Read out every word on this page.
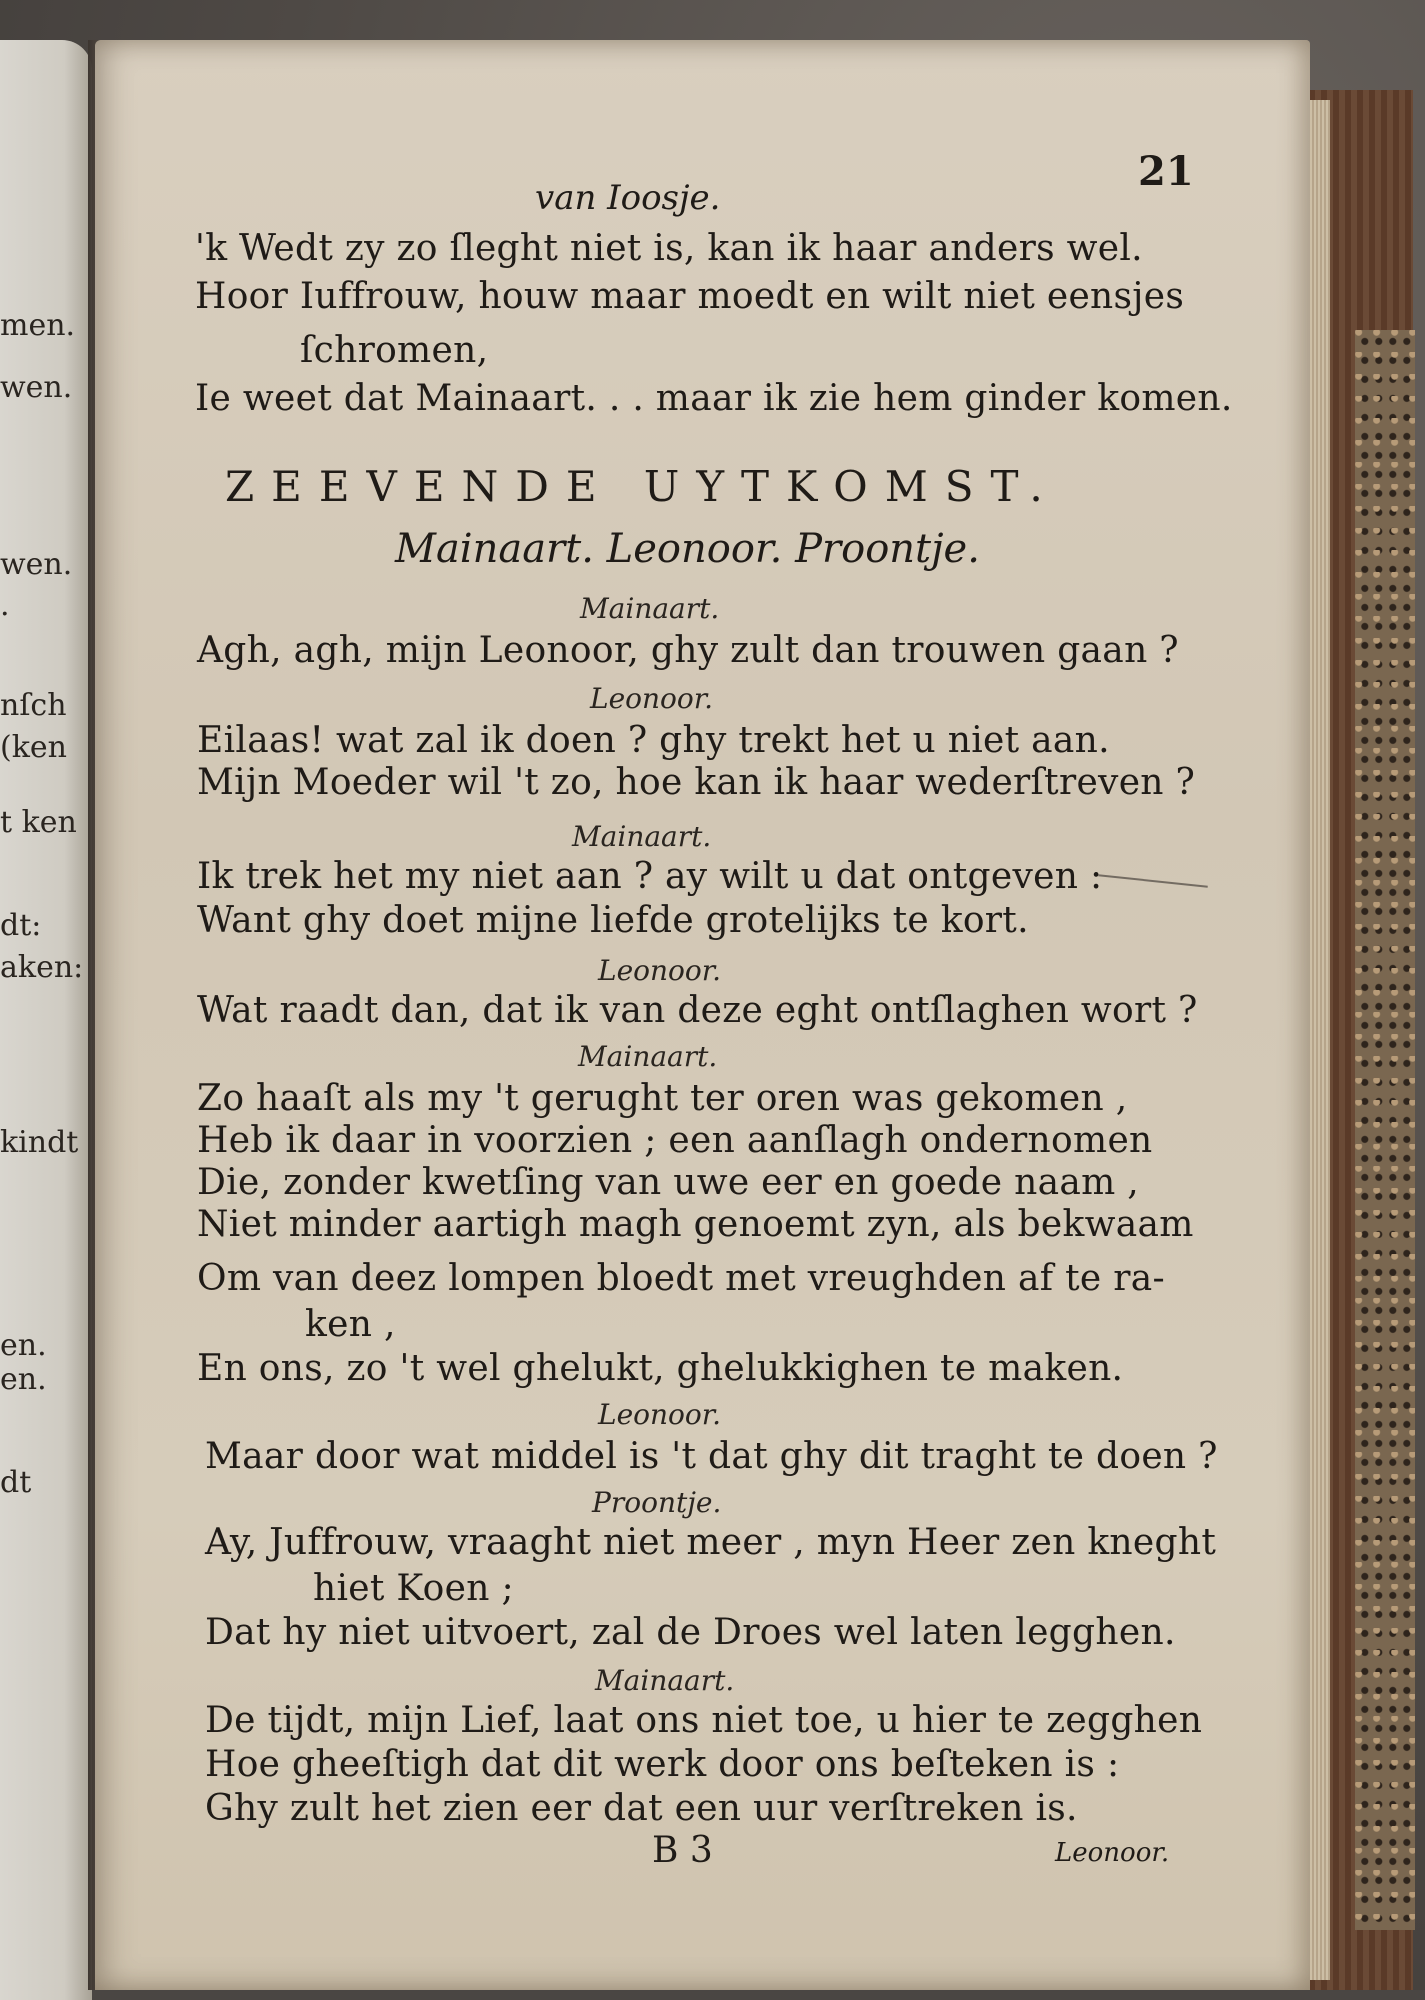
men.
wen.
wen.
.
nſch
(ken
t ken
dt:
aken:
kindt
en.
en.
dt
21
van Ioosje.
'k Wedt zy zo ſleght niet is, kan ik haar anders wel.
Hoor Iuffrouw, houw maar moedt en wilt niet eensjes
ſchromen,
Ie weet dat Mainaart. . . maar ik zie hem ginder komen.
ZEEVENDE UYTKOMST.
Mainaart. Leonoor. Proontje.
Mainaart.
Agh, agh, mijn Leonoor, ghy zult dan trouwen gaan ?
Leonoor.
Eilaas! wat zal ik doen ? ghy trekt het u niet aan.
Mijn Moeder wil 't zo, hoe kan ik haar wederſtreven ?
Mainaart.
Ik trek het my niet aan ? ay wilt u dat ontgeven :
Want ghy doet mijne liefde grotelijks te kort.
Leonoor.
Wat raadt dan, dat ik van deze eght ontſlaghen wort ?
Mainaart.
Zo haaſt als my 't gerught ter oren was gekomen ,
Heb ik daar in voorzien ; een aanſlagh ondernomen
Die, zonder kwetſing van uwe eer en goede naam ,
Niet minder aartigh magh genoemt zyn, als bekwaam
Om van deez lompen bloedt met vreughden af te ra-
ken ,
En ons, zo 't wel ghelukt, ghelukkighen te maken.
Leonoor.
Maar door wat middel is 't dat ghy dit traght te doen ?
Proontje.
Ay, Juffrouw, vraaght niet meer , myn Heer zen kneght
hiet Koen ;
Dat hy niet uitvoert, zal de Droes wel laten legghen.
Mainaart.
De tijdt, mijn Lief, laat ons niet toe, u hier te zegghen
Hoe gheeſtigh dat dit werk door ons beſteken is :
Ghy zult het zien eer dat een uur verſtreken is.
B 3	Leonoor.
